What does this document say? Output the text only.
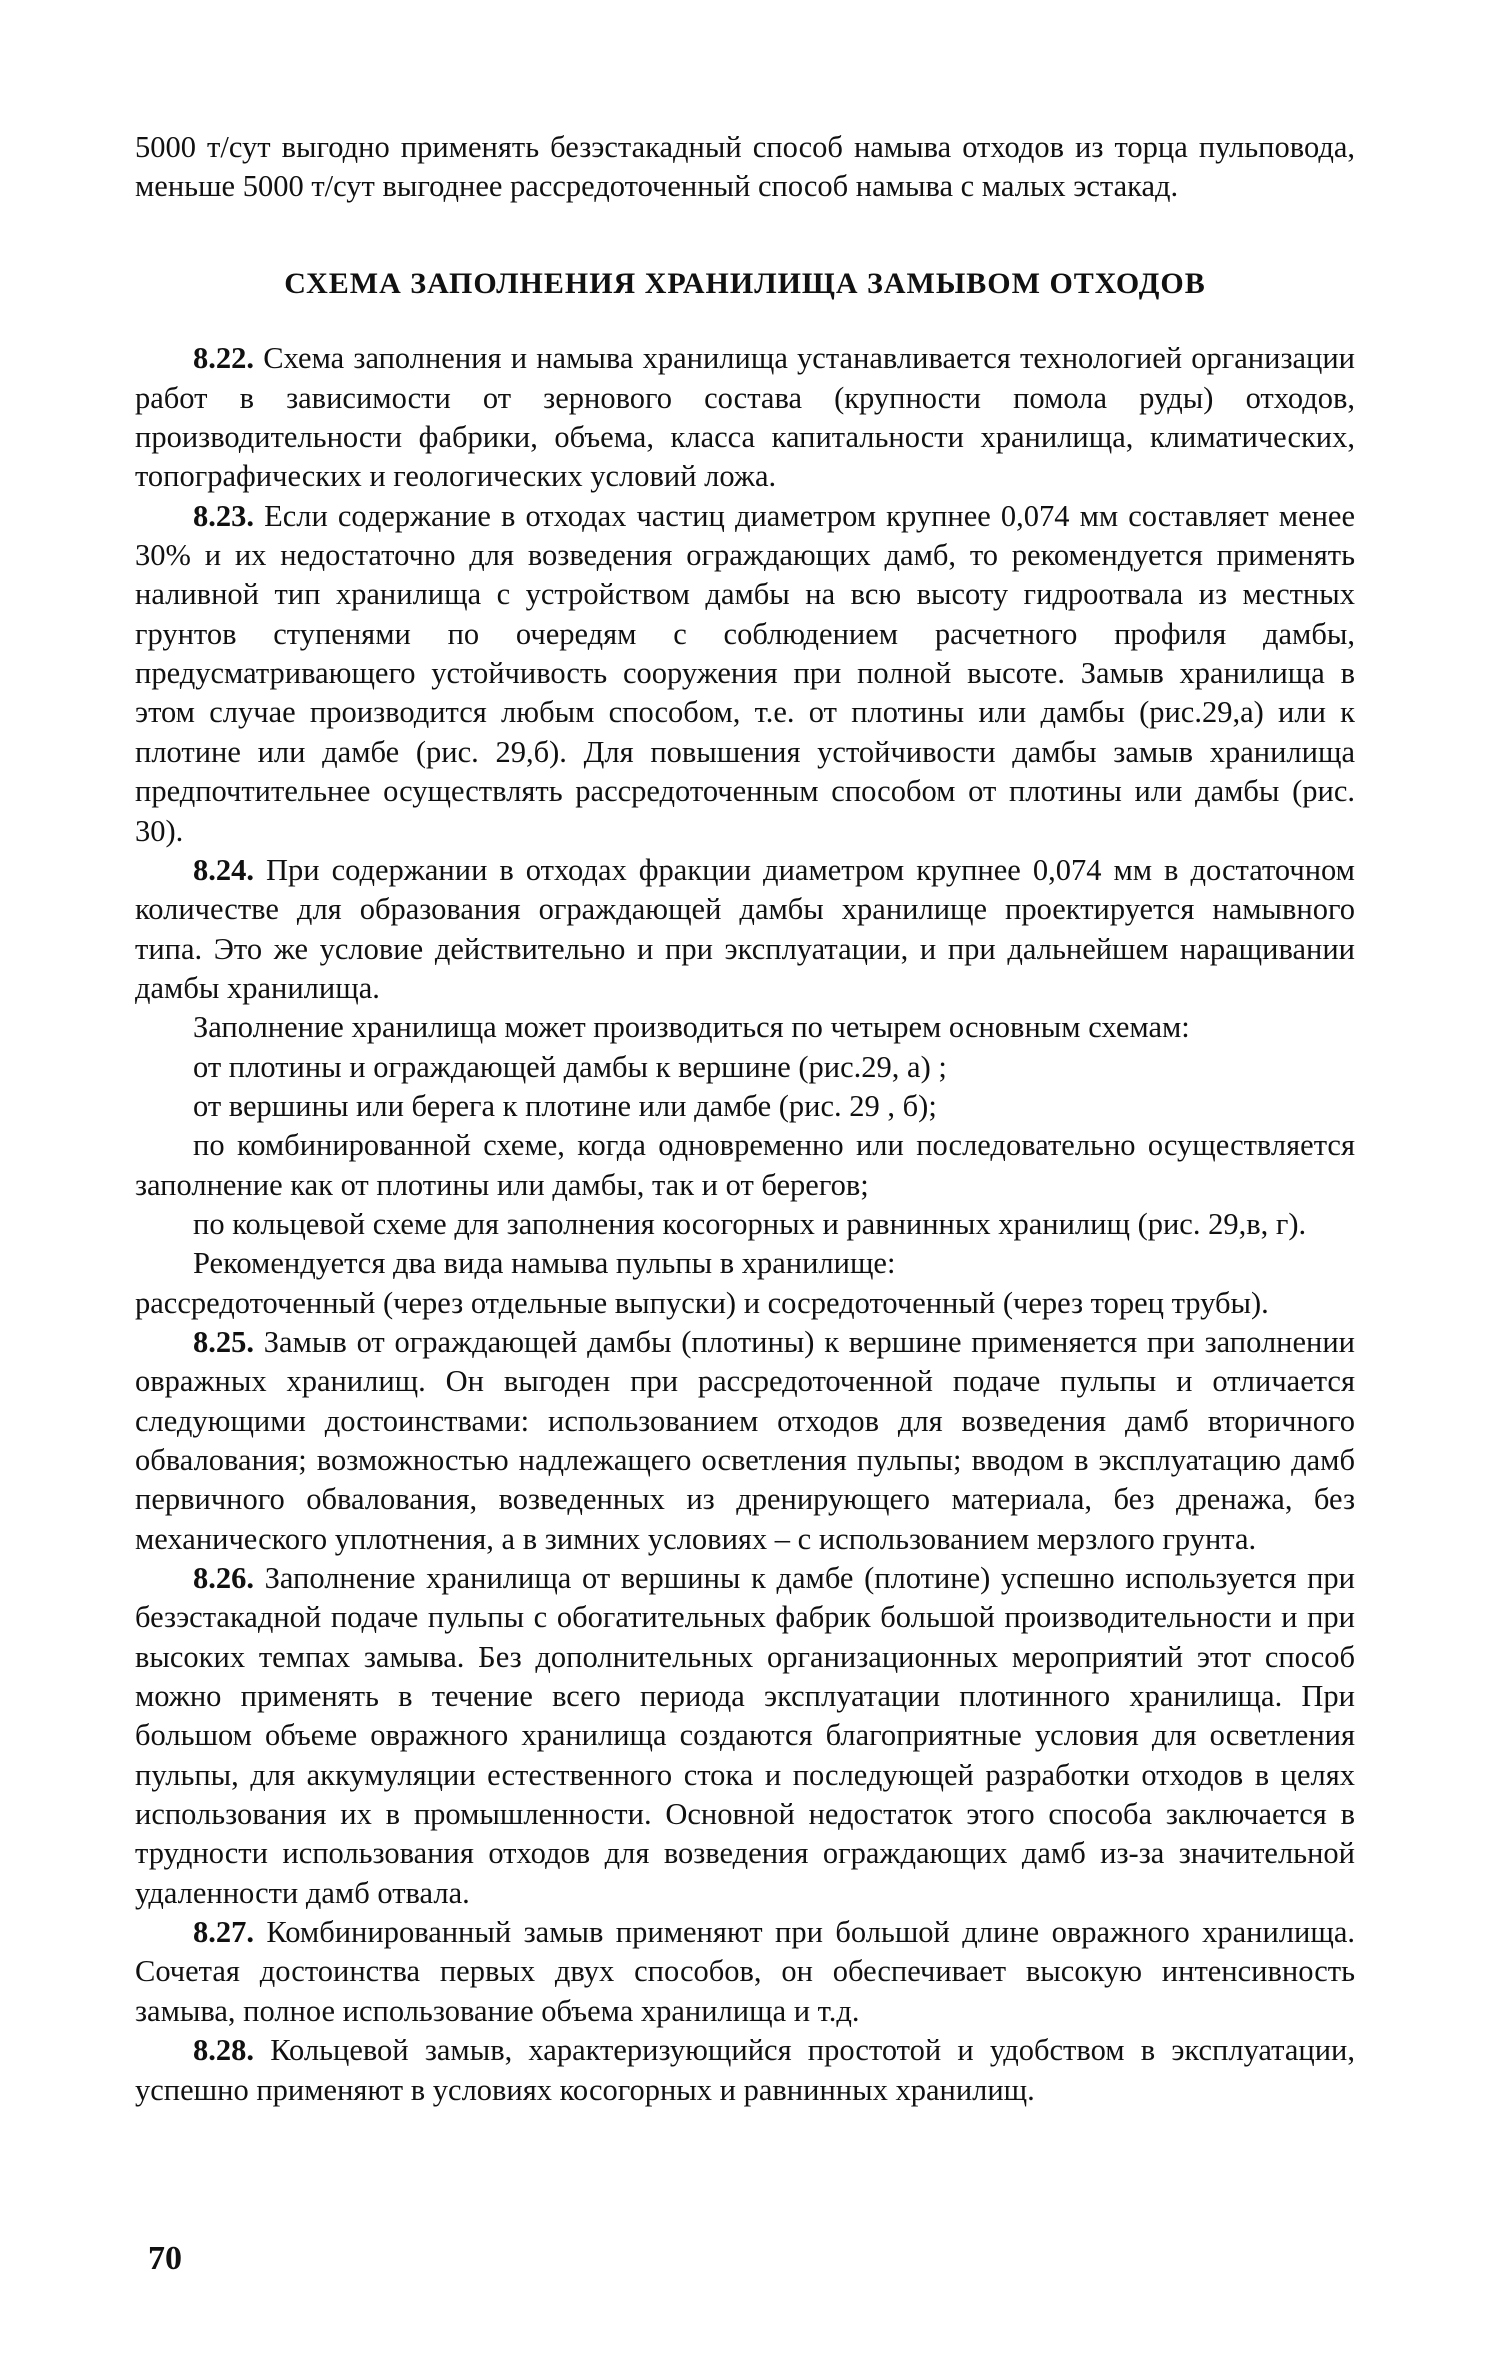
5000 т/сут выгодно применять безэстакадный способ намыва отходов из торца пульповода, меньше 5000 т/сут выгоднее рассредоточенный способ намыва с малых эстакад.

СХЕМА ЗАПОЛНЕНИЯ ХРАНИЛИЩА ЗАМЫВОМ ОТХОДОВ

8.22. Схема заполнения и намыва хранилища устанавливается технологией организации работ в зависимости от зернового состава (крупности помола руды) отходов, производительности фабрики, объема, класса капитальности хранилища, климатических, топографических и геологических условий ложа.

8.23. Если содержание в отходах частиц диаметром крупнее 0,074 мм составляет менее 30% и их недостаточно для возведения ограждающих дамб, то рекомендуется применять наливной тип хранилища с устройством дамбы на всю высоту гидроотвала из местных грунтов ступенями по очередям с соблюдением расчетного профиля дамбы, предусматривающего устойчивость сооружения при полной высоте. Замыв хранилища в этом случае производится любым способом, т.е. от плотины или дамбы (рис.29,а) или к плотине или дамбе (рис. 29,б). Для повышения устойчивости дамбы замыв хранилища предпочтительнее осуществлять рассредоточенным способом от плотины или дамбы (рис. 30).

8.24. При содержании в отходах фракции диаметром крупнее 0,074 мм в достаточном количестве для образования ограждающей дамбы хранилище проектируется намывного типа. Это же условие действительно и при эксплуатации, и при дальнейшем наращивании дамбы хранилища.

Заполнение хранилища может производиться по четырем основным схемам:

от плотины и ограждающей дамбы к вершине (рис.29, а) ;

от вершины или берега к плотине или дамбе (рис. 29 , б);

по комбинированной схеме, когда одновременно или последовательно осуществляется заполнение как от плотины или дамбы, так и от берегов;

по кольцевой схеме для заполнения косогорных и равнинных хранилищ (рис. 29,в, г).

Рекомендуется два вида намыва пульпы в хранилище:

рассредоточенный (через отдельные выпуски) и сосредоточенный (через торец трубы).

8.25. Замыв от ограждающей дамбы (плотины) к вершине применяется при заполнении овражных хранилищ. Он выгоден при рассредоточенной подаче пульпы и отличается следующими достоинствами: использованием отходов для возведения дамб вторичного обвалования; возможностью надлежащего осветления пульпы; вводом в эксплуатацию дамб первичного обвалования, возведенных из дренирующего материала, без дренажа, без механического уплотнения, а в зимних условиях – с использованием мерзлого грунта.

8.26. Заполнение хранилища от вершины к дамбе (плотине) успешно используется при безэстакадной подаче пульпы с обогатительных фабрик большой производительности и при высоких темпах замыва. Без дополнительных организационных мероприятий этот способ можно применять в течение всего периода эксплуатации плотинного хранилища. При большом объеме овражного хранилища создаются благоприятные условия для осветления пульпы, для аккумуляции естественного стока и последующей разработки отходов в целях использования их в промышленности. Основной недостаток этого способа заключается в трудности использования отходов для возведения ограждающих дамб из-за значительной удаленности дамб отвала.

8.27. Комбинированный замыв применяют при большой длине овражного хранилища. Сочетая достоинства первых двух способов, он обеспечивает высокую интенсивность замыва, полное использование объема хранилища и т.д.

8.28. Кольцевой замыв, характеризующийся простотой и удобством в эксплуатации, успешно применяют в условиях косогорных и равнинных хранилищ.

70
